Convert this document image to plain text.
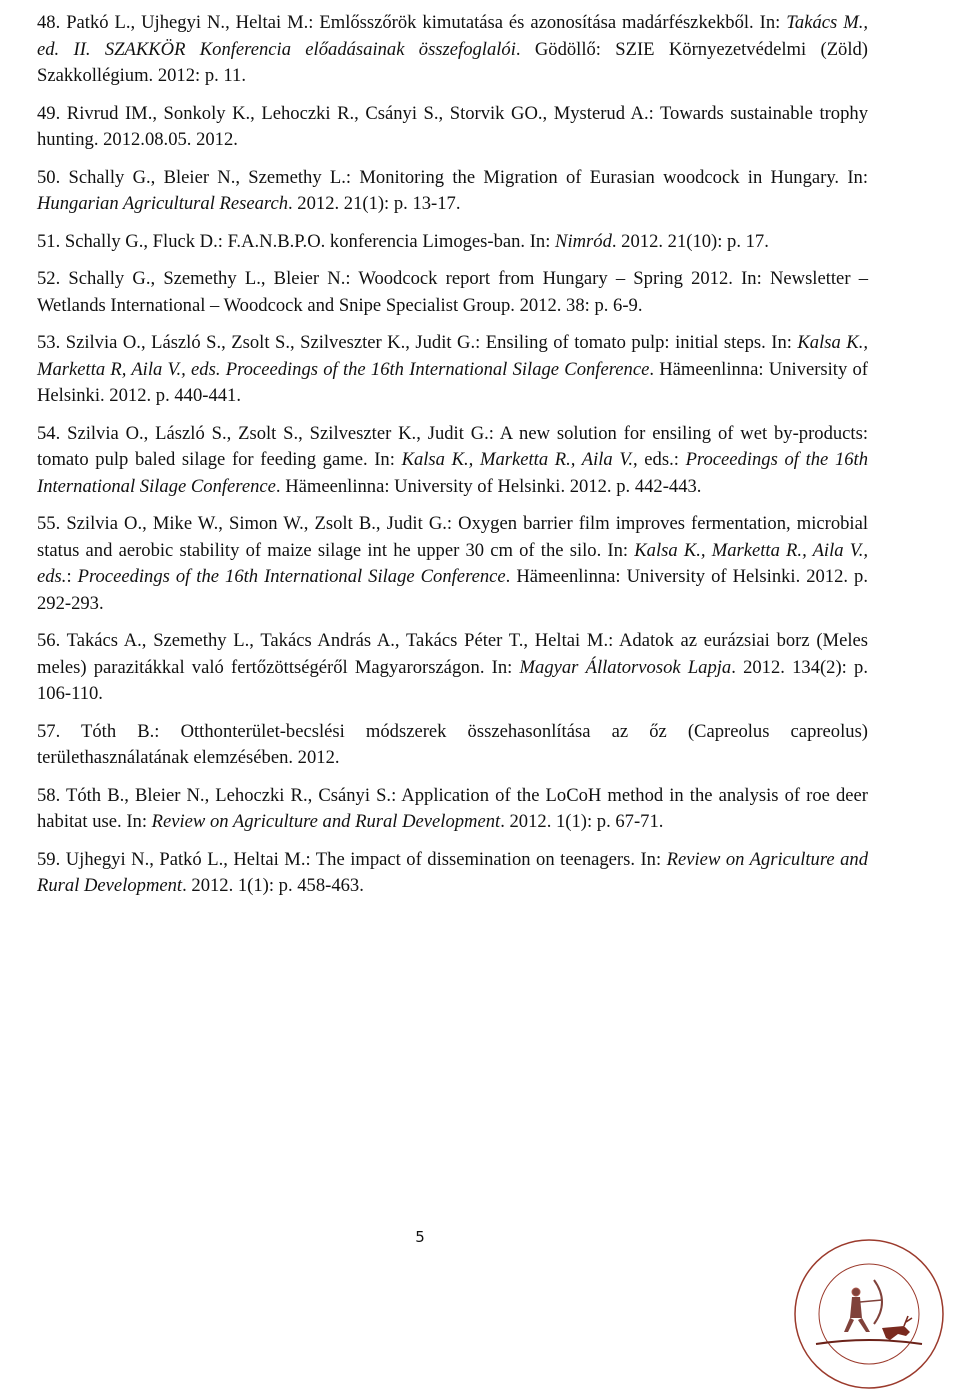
48. Patkó L., Ujhegyi N., Heltai M.: Emlősszőrök kimutatása és azonosítása madárfészkekből. In: Takács M., ed. II. SZAKKÖR Konferencia előadásainak összefoglalói. Gödöllő: SZIE Környezetvédelmi (Zöld) Szakkollégium. 2012: p. 11.

49. Rivrud IM., Sonkoly K., Lehoczki R., Csányi S., Storvik GO., Mysterud A.: Towards sustainable trophy hunting. 2012.08.05. 2012.

50. Schally G., Bleier N., Szemethy L.: Monitoring the Migration of Eurasian woodcock in Hungary. In: Hungarian Agricultural Research. 2012. 21(1): p. 13-17.

51. Schally G., Fluck D.: F.A.N.B.P.O. konferencia Limoges-ban. In: Nimród. 2012. 21(10): p. 17.

52. Schally G., Szemethy L., Bleier N.: Woodcock report from Hungary – Spring 2012. In: Newsletter – Wetlands International – Woodcock and Snipe Specialist Group. 2012. 38: p. 6-9.

53. Szilvia O., László S., Zsolt S., Szilveszter K., Judit G.: Ensiling of tomato pulp: initial steps. In: Kalsa K., Marketta R, Aila V., eds. Proceedings of the 16th International Silage Conference. Hämeenlinna: University of Helsinki. 2012. p. 440-441.

54. Szilvia O., László S., Zsolt S., Szilveszter K., Judit G.: A new solution for ensiling of wet by-products: tomato pulp baled silage for feeding game. In: Kalsa K., Marketta R., Aila V., eds.: Proceedings of the 16th International Silage Conference. Hämeenlinna: University of Helsinki. 2012. p. 442-443.

55. Szilvia O., Mike W., Simon W., Zsolt B., Judit G.: Oxygen barrier film improves fermentation, microbial status and aerobic stability of maize silage int he upper 30 cm of the silo. In: Kalsa K., Marketta R., Aila V., eds.: Proceedings of the 16th International Silage Conference. Hämeenlinna: University of Helsinki. 2012. p. 292-293.

56. Takács A., Szemethy L., Takács András A., Takács Péter T., Heltai M.: Adatok az eurázsiai borz (Meles meles) parazitákkal való fertőzöttségéről Magyarországon. In: Magyar Állatorvosok Lapja. 2012. 134(2): p. 106-110.

57. Tóth B.: Otthonterület-becslési módszerek összehasonlítása az őz (Capreolus capreolus) területhasználatának elemzésében. 2012.

58. Tóth B., Bleier N., Lehoczki R., Csányi S.: Application of the LoCoH method in the analysis of roe deer habitat use. In: Review on Agriculture and Rural Development. 2012. 1(1): p. 67-71.

59. Ujhegyi N., Patkó L., Heltai M.: The impact of dissemination on teenagers. In: Review on Agriculture and Rural Development. 2012. 1(1): p. 458-463.

5
